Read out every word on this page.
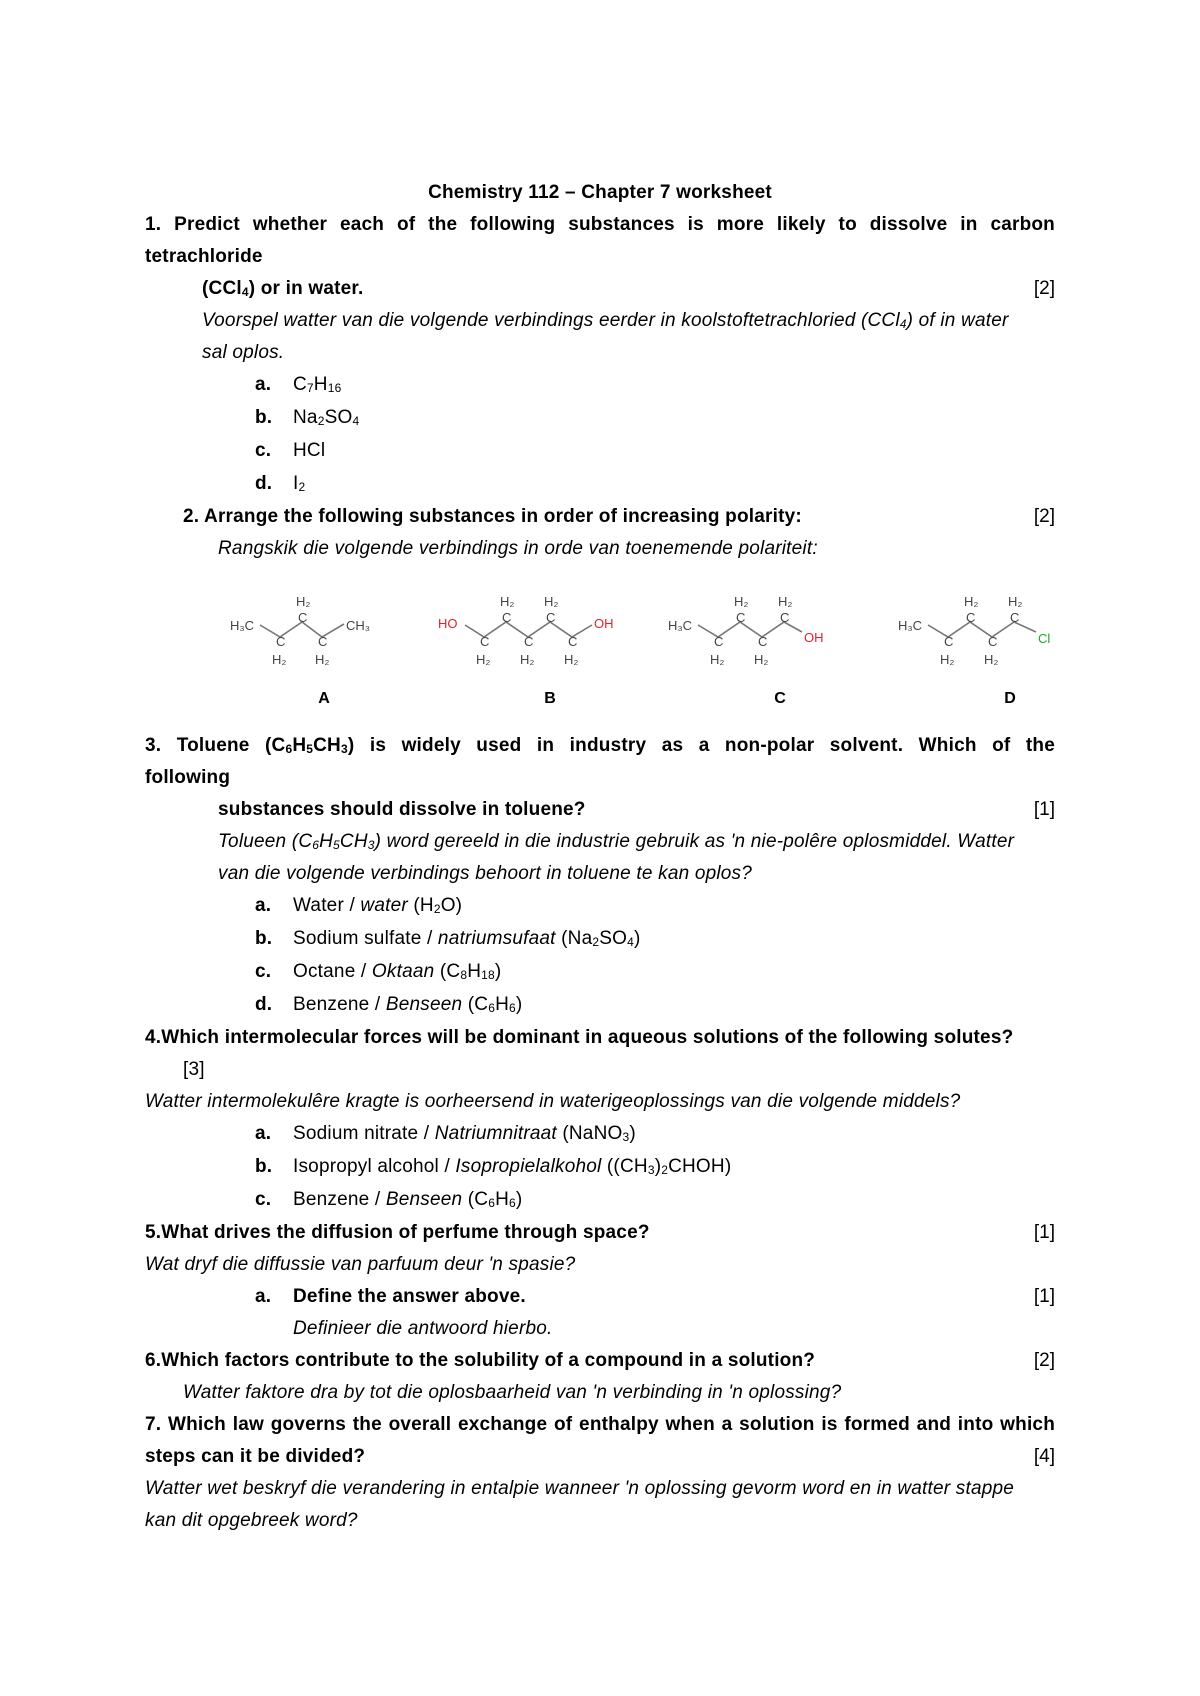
Chemistry 112 – Chapter 7 worksheet
1. Predict whether each of the following substances is more likely to dissolve in carbon
tetrachloride
(CCl$_4$) or in water.	[2]
Voorspel watter van die volgende verbindings eerder in koolstoftetrachloried (CCl$_4$) of in water
sal oplos.
a. $C_7H_{16}$
b. $Na_2SO_4$
c. HCl
d. $I_2$
2. Arrange the following substances in order of increasing polarity:	[2]
Rangskik die volgende verbindings in orde van toenemende polariteit:
H₃C
C
H₂
H₂
C
C
H₂
CH₃	HO
C
H₂
H₂
C
C
H₂
H₂
C
C
H₂
OH	H₃C
C
H₂
H₂
C
C
H₂
H₂
C
OH
H₃C
C
H₂
H₂
C
C
H₂
H₂
C
Cl
A	B	C	D
3. Toluene $(C_6H_5CH_3)$ is widely used in industry as a non-polar solvent. Which of the
following
substances should dissolve in toluene?	[1]
Tolueen $(C_6H_5CH_3)$ word gereeld in die industrie gebruik as 'n nie-polêre oplosmiddel. Watter
van die volgende verbindings behoort in toluene te kan oplos?
a. Water / water $(H_2O)$
b. Sodium sulfate / natriumsufaat $(Na_2SO_4)$
c. Octane / Oktaan $(C_8H_{18})$
d. Benzene / Benseen $(C_6H_6)$
4.Which intermolecular forces will be dominant in aqueous solutions of the following solutes?
[3]
Watter intermolekulêre kragte is oorheersend in waterigeoplossings van die volgende middels?
a. Sodium nitrate / Natriumnitraat (NaNO$_3$)
b. Isopropyl alcohol / Isopropielalkohol $((CH_3)_2CHOH)$
c. Benzene / Benseen $(C_6H_6)$
5.What drives the diffusion of perfume through space?	[1]
Wat dryf die diffussie van parfuum deur 'n spasie?
a. Define the answer above.	[1]
Definieer die antwoord hierbo.
6.Which factors contribute to the solubility of a compound in a solution?	[2]
Watter faktore dra by tot die oplosbaarheid van 'n verbinding in 'n oplossing?
7. Which law governs the overall exchange of enthalpy when a solution is formed and into which
steps can it be divided?	[4]
Watter wet beskryf die verandering in entalpie wanneer 'n oplossing gevorm word en in watter stappe
kan dit opgebreek word?
